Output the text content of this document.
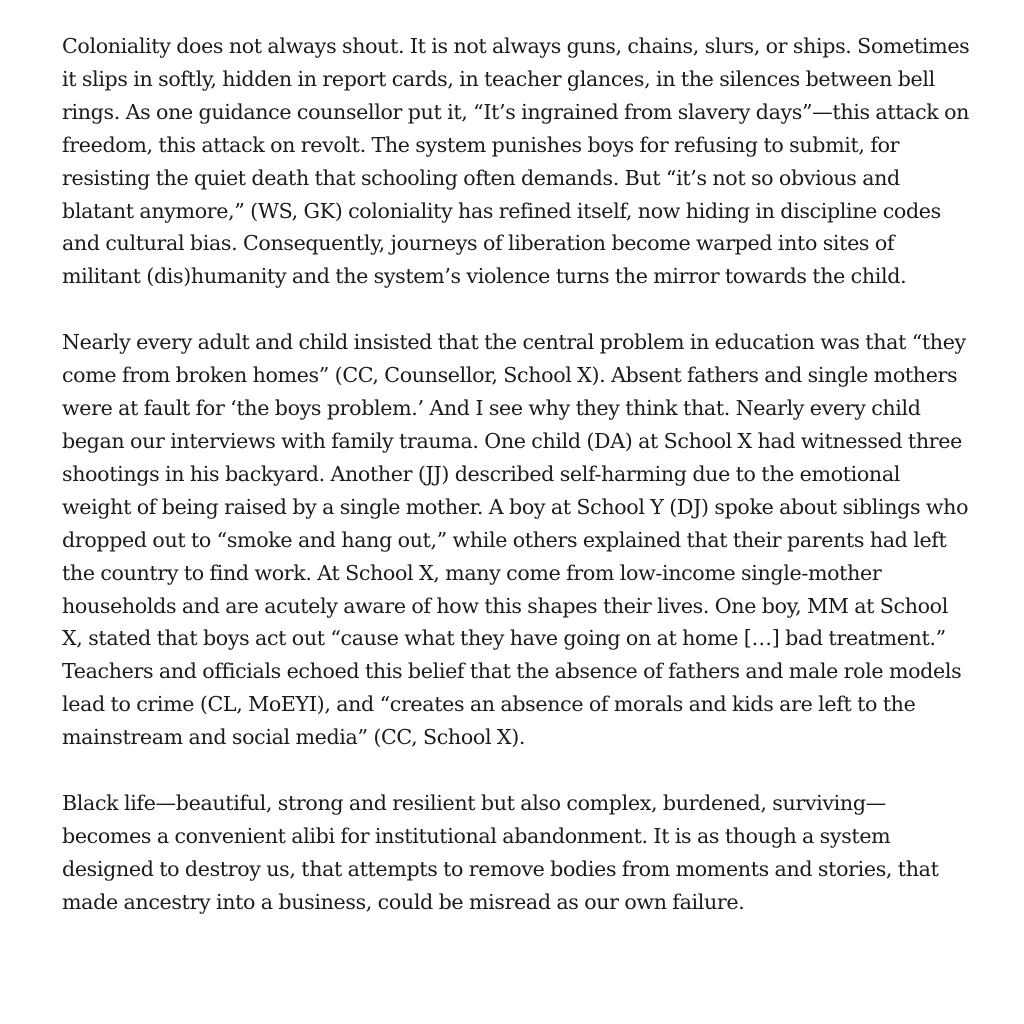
Coloniality does not always shout. It is not always guns, chains, slurs, or ships. Sometimes it slips in softly, hidden in report cards, in teacher glances, in the silences between bell rings. As one guidance counsellor put it, “It’s ingrained from slavery days”—this attack on freedom, this attack on revolt. The system punishes boys for refusing to submit, for resisting the quiet death that schooling often demands. But “it’s not so obvious and blatant anymore,” (WS, GK) coloniality has refined itself, now hiding in discipline codes and cultural bias. Consequently, journeys of liberation become warped into sites of militant (dis)humanity and the system’s violence turns the mirror towards the child.

Nearly every adult and child insisted that the central problem in education was that “they come from broken homes” (CC, Counsellor, School X). Absent fathers and single mothers were at fault for ‘the boys problem.’ And I see why they think that. Nearly every child began our interviews with family trauma. One child (DA) at School X had witnessed three shootings in his backyard. Another (JJ) described self-harming due to the emotional weight of being raised by a single mother. A boy at School Y (DJ) spoke about siblings who dropped out to “smoke and hang out,” while others explained that their parents had left the country to find work. At School X, many come from low-income single-mother households and are acutely aware of how this shapes their lives. One boy, MM at School X, stated that boys act out “cause what they have going on at home […] bad treatment.” Teachers and officials echoed this belief that the absence of fathers and male role models lead to crime (CL, MoEYI), and “creates an absence of morals and kids are left to the mainstream and social media” (CC, School X).

Black life—beautiful, strong and resilient but also complex, burdened, surviving—becomes a convenient alibi for institutional abandonment. It is as though a system designed to destroy us, that attempts to remove bodies from moments and stories, that made ancestry into a business, could be misread as our own failure.
